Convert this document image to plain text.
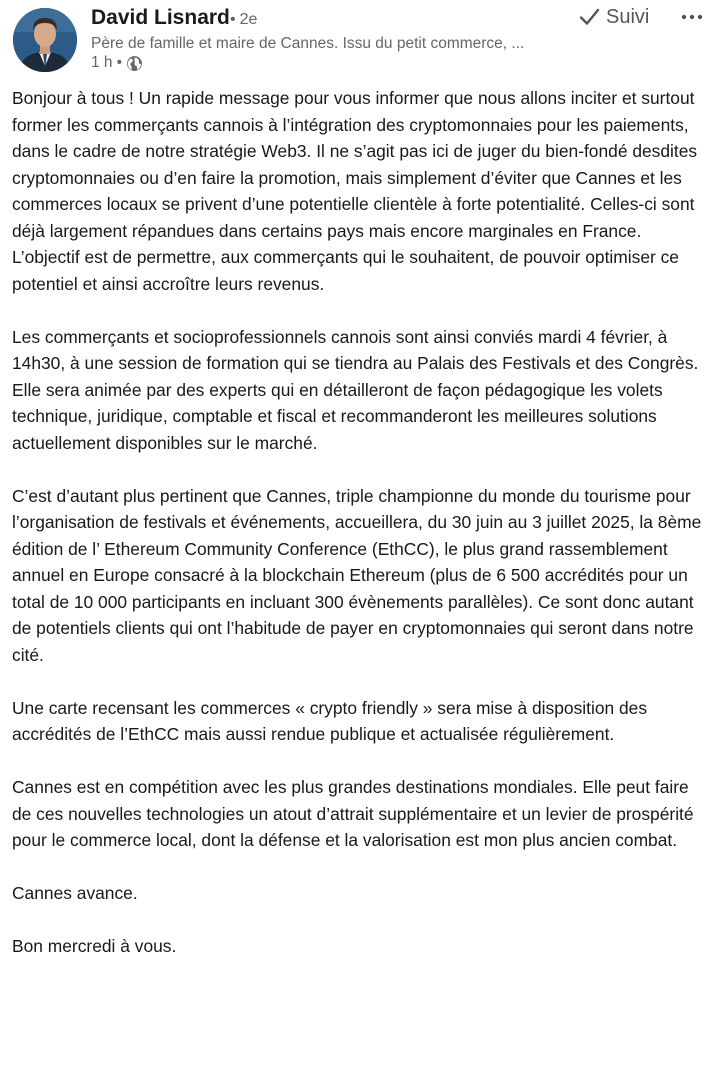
David Lisnard • 2e
Père de famille et maire de Cannes. Issu du petit commerce, ...
1 h •
Suivi

Bonjour à tous ! Un rapide message pour vous informer que nous allons inciter et surtout former les commerçants cannois à l’intégration des cryptomonnaies pour les paiements, dans le cadre de notre stratégie Web3. Il ne s’agit pas ici de juger du bien-fondé desdites cryptomonnaies ou d’en faire la promotion, mais simplement d’éviter que Cannes et les commerces locaux se privent d’une potentielle clientèle à forte potentialité. Celles-ci sont déjà largement répandues dans certains pays mais encore marginales en France. L’objectif est de permettre, aux commerçants qui le souhaitent, de pouvoir optimiser ce potentiel et ainsi accroître leurs revenus.

Les commerçants et socioprofessionnels cannois sont ainsi conviés mardi 4 février, à 14h30, à une session de formation qui se tiendra au Palais des Festivals et des Congrès. Elle sera animée par des experts qui en détailleront de façon pédagogique les volets technique, juridique, comptable et fiscal et recommanderont les meilleures solutions actuellement disponibles sur le marché.

C’est d’autant plus pertinent que Cannes, triple championne du monde du tourisme pour l’organisation de festivals et événements, accueillera, du 30 juin au 3 juillet 2025, la 8ème édition de l’ Ethereum Community Conference (EthCC), le plus grand rassemblement annuel en Europe consacré à la blockchain Ethereum (plus de 6 500 accrédités pour un total de 10 000 participants en incluant 300 évènements parallèles). Ce sont donc autant de potentiels clients qui ont l’habitude de payer en cryptomonnaies qui seront dans notre cité.

Une carte recensant les commerces « crypto friendly » sera mise à disposition des accrédités de l’EthCC mais aussi rendue publique et actualisée régulièrement.

Cannes est en compétition avec les plus grandes destinations mondiales. Elle peut faire de ces nouvelles technologies un atout d’attrait supplémentaire et un levier de prospérité pour le commerce local, dont la défense et la valorisation est mon plus ancien combat.

Cannes avance.

Bon mercredi à vous.
